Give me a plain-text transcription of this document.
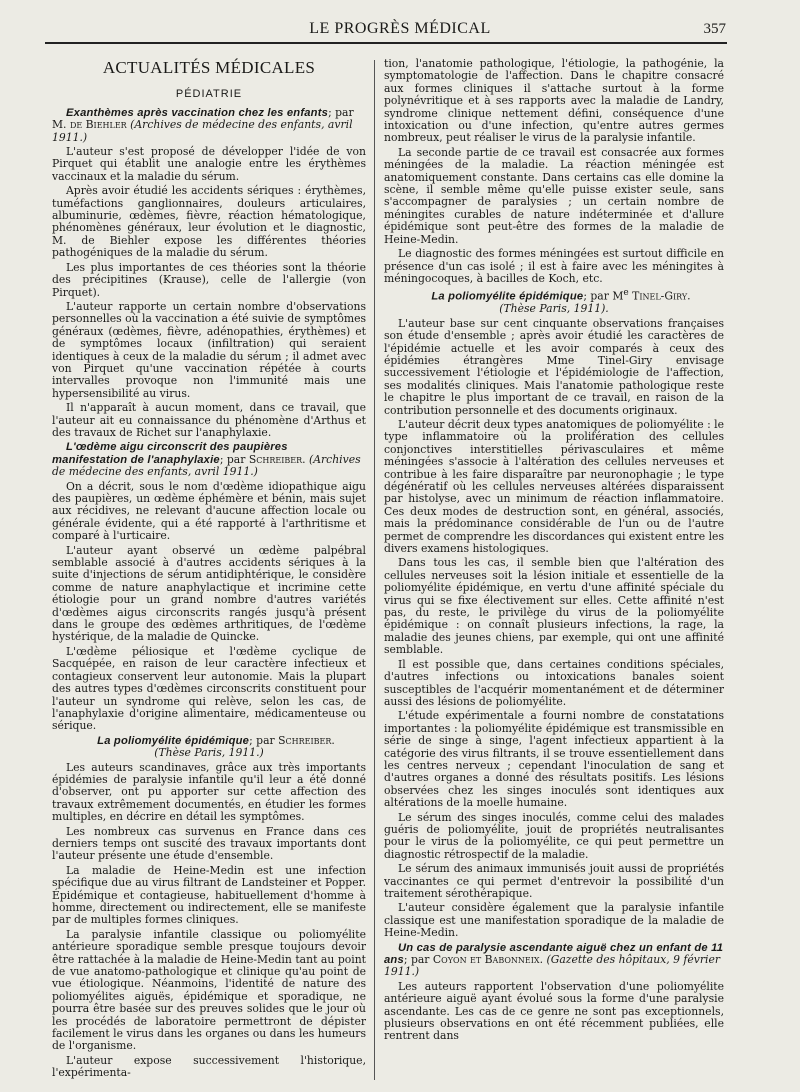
LE PROGRÈS MÉDICAL	357
ACTUALITÉS MÉDICALES
PÉDIATRIE

Exanthèmes après vaccination chez les enfants; par M. de Biehler (Archives de médecine des enfants, avril 1911.)

L'auteur s'est proposé de développer l'idée de von Pirquet qui établit une analogie entre les érythèmes vaccinaux et la maladie du sérum.

Après avoir étudié les accidents sériques : érythèmes, tuméfactions ganglionnaires, douleurs articulaires, albuminurie, œdèmes, fièvre, réaction hématologique, phénomènes généraux, leur évolution et le diagnostic, M. de Biehler expose les différentes théories pathogéniques de la maladie du sérum.

Les plus importantes de ces théories sont la théorie des précipitines (Krause), celle de l'allergie (von Pirquet).

L'auteur rapporte un certain nombre d'observations personnelles où la vaccination a été suivie de symptômes généraux (œdèmes, fièvre, adénopathies, érythèmes) et de symptômes locaux (infiltration) qui seraient identiques à ceux de la maladie du sérum ; il admet avec von Pirquet qu'une vaccination répétée à courts intervalles provoque non l'immunité mais une hypersensibilité au virus.

Il n'apparaît à aucun moment, dans ce travail, que l'auteur ait eu connaissance du phénomène d'Arthus et des travaux de Richet sur l'anaphylaxie.

L'œdème aigu circonscrit des paupières manifestation de l'anaphylaxie; par Schreiber. (Archives de médecine des enfants, avril 1911.)

On a décrit, sous le nom d'œdème idiopathique aigu des paupières, un œdème éphémère et bénin, mais sujet aux récidives, ne relevant d'aucune affection locale ou générale évidente, qui a été rapporté à l'arthritisme et comparé à l'urticaire.

L'auteur ayant observé un œdème palpébral semblable associé à d'autres accidents sériques à la suite d'injections de sérum antidiphtérique, le considère comme de nature anaphylactique et incrimine cette étiologie pour un grand nombre d'autres variétés d'œdèmes aigus circonscrits rangés jusqu'à présent dans le groupe des œdèmes arthritiques, de l'œdème hystérique, de la maladie de Quincke.

L'œdème péliosique et l'œdème cyclique de Sacquépée, en raison de leur caractère infectieux et contagieux conservent leur autonomie. Mais la plupart des autres types d'œdèmes circonscrits constituent pour l'auteur un syndrome qui relève, selon les cas, de l'anaphylaxie d'origine alimentaire, médicamenteuse ou sérique.

La poliomyélite épidémique; par Schreiber.
(Thèse Paris, 1911.)

Les auteurs scandinaves, grâce aux très importants épidémies de paralysie infantile qu'il leur a été donné d'observer, ont pu apporter sur cette affection des travaux extrêmement documentés, en étudier les formes multiples, en décrire en détail les symptômes.

Les nombreux cas survenus en France dans ces derniers temps ont suscité des travaux importants dont l'auteur présente une étude d'ensemble.

La maladie de Heine-Medin est une infection spécifique due au virus filtrant de Landsteiner et Popper. Épidémique et contagieuse, habituellement d'homme à homme, directement ou indirectement, elle se manifeste par de multiples formes cliniques.

La paralysie infantile classique ou poliomyélite antérieure sporadique semble presque toujours devoir être rattachée à la maladie de Heine-Medin tant au point de vue anatomo-pathologique et clinique qu'au point de vue étiologique. Néanmoins, l'identité de nature des poliomyélites aiguës, épidémique et sporadique, ne pourra être basée sur des preuves solides que le jour où les procédés de laboratoire permettront de dépister facilement le virus dans les organes ou dans les humeurs de l'organisme.

L'auteur expose successivement l'historique, l'expérimenta-

tion, l'anatomie pathologique, l'étiologie, la pathogénie, la symptomatologie de l'affection. Dans le chapitre consacré aux formes cliniques il s'attache surtout à la forme polynévritique et à ses rapports avec la maladie de Landry, syndrome clinique nettement défini, conséquence d'une intoxication ou d'une infection, qu'entre autres germes nombreux, peut réaliser le virus de la paralysie infantile.

La seconde partie de ce travail est consacrée aux formes méningées de la maladie. La réaction méningée est anatomiquement constante. Dans certains cas elle domine la scène, il semble même qu'elle puisse exister seule, sans s'accompagner de paralysies ; un certain nombre de méningites curables de nature indéterminée et d'allure épidémique sont peut-être des formes de la maladie de Heine-Medin.

Le diagnostic des formes méningées est surtout difficile en présence d'un cas isolé ; il est à faire avec les méningites à méningocoques, à bacilles de Koch, etc.

La poliomyélite épidémique; par Me Tinel-Giry.
(Thèse Paris, 1911).

L'auteur base sur cent cinquante observations françaises son étude d'ensemble ; après avoir étudié les caractères de l'épidémie actuelle et les avoir comparés à ceux des épidémies étrangères Mme Tinel-Giry envisage successivement l'étiologie et l'épidémiologie de l'affection, ses modalités cliniques. Mais l'anatomie pathologique reste le chapitre le plus important de ce travail, en raison de la contribution personnelle et des documents originaux.

L'auteur décrit deux types anatomiques de poliomyélite : le type inflammatoire où la prolifération des cellules conjonctives interstitielles périvasculaires et même méningées s'associe à l'altération des cellules nerveuses et contribue à les faire disparaître par neuronophagie ; le type dégénératif où les cellules nerveuses altérées disparaissent par histolyse, avec un minimum de réaction inflammatoire. Ces deux modes de destruction sont, en général, associés, mais la prédominance considérable de l'un ou de l'autre permet de comprendre les discordances qui existent entre les divers examens histologiques.

Dans tous les cas, il semble bien que l'altération des cellules nerveuses soit la lésion initiale et essentielle de la poliomyélite épidémique, en vertu d'une affinité spéciale du virus qui se fixe électivement sur elles. Cette affinité n'est pas, du reste, le privilège du virus de la poliomyélite épidémique : on connaît plusieurs infections, la rage, la maladie des jeunes chiens, par exemple, qui ont une affinité semblable.

Il est possible que, dans certaines conditions spéciales, d'autres infections ou intoxications banales soient susceptibles de l'acquérir momentanément et de déterminer aussi des lésions de poliomyélite.

L'étude expérimentale a fourni nombre de constatations importantes : la poliomyélite épidémique est transmissible en série de singe à singe, l'agent infectieux appartient à la catégorie des virus filtrants, il se trouve essentiellement dans les centres nerveux ; cependant l'inoculation de sang et d'autres organes a donné des résultats positifs. Les lésions observées chez les singes inoculés sont identiques aux altérations de la moelle humaine.

Le sérum des singes inoculés, comme celui des malades guéris de poliomyélite, jouit de propriétés neutralisantes pour le virus de la poliomyélite, ce qui peut permettre un diagnostic rétrospectif de la maladie.

Le sérum des animaux immunisés jouit aussi de propriétés vaccinantes ce qui permet d'entrevoir la possibilité d'un traitement sérothérapique.

L'auteur considère également que la paralysie infantile classique est une manifestation sporadique de la maladie de Heine-Medin.

Un cas de paralysie ascendante aiguë chez un enfant de 11 ans; par Coyon et Babonneix. (Gazette des hôpitaux, 9 février 1911.)

Les auteurs rapportent l'observation d'une poliomyélite antérieure aiguë ayant évolué sous la forme d'une paralysie ascendante. Les cas de ce genre ne sont pas exceptionnels, plusieurs observations en ont été récemment publiées, elle rentrent dans
